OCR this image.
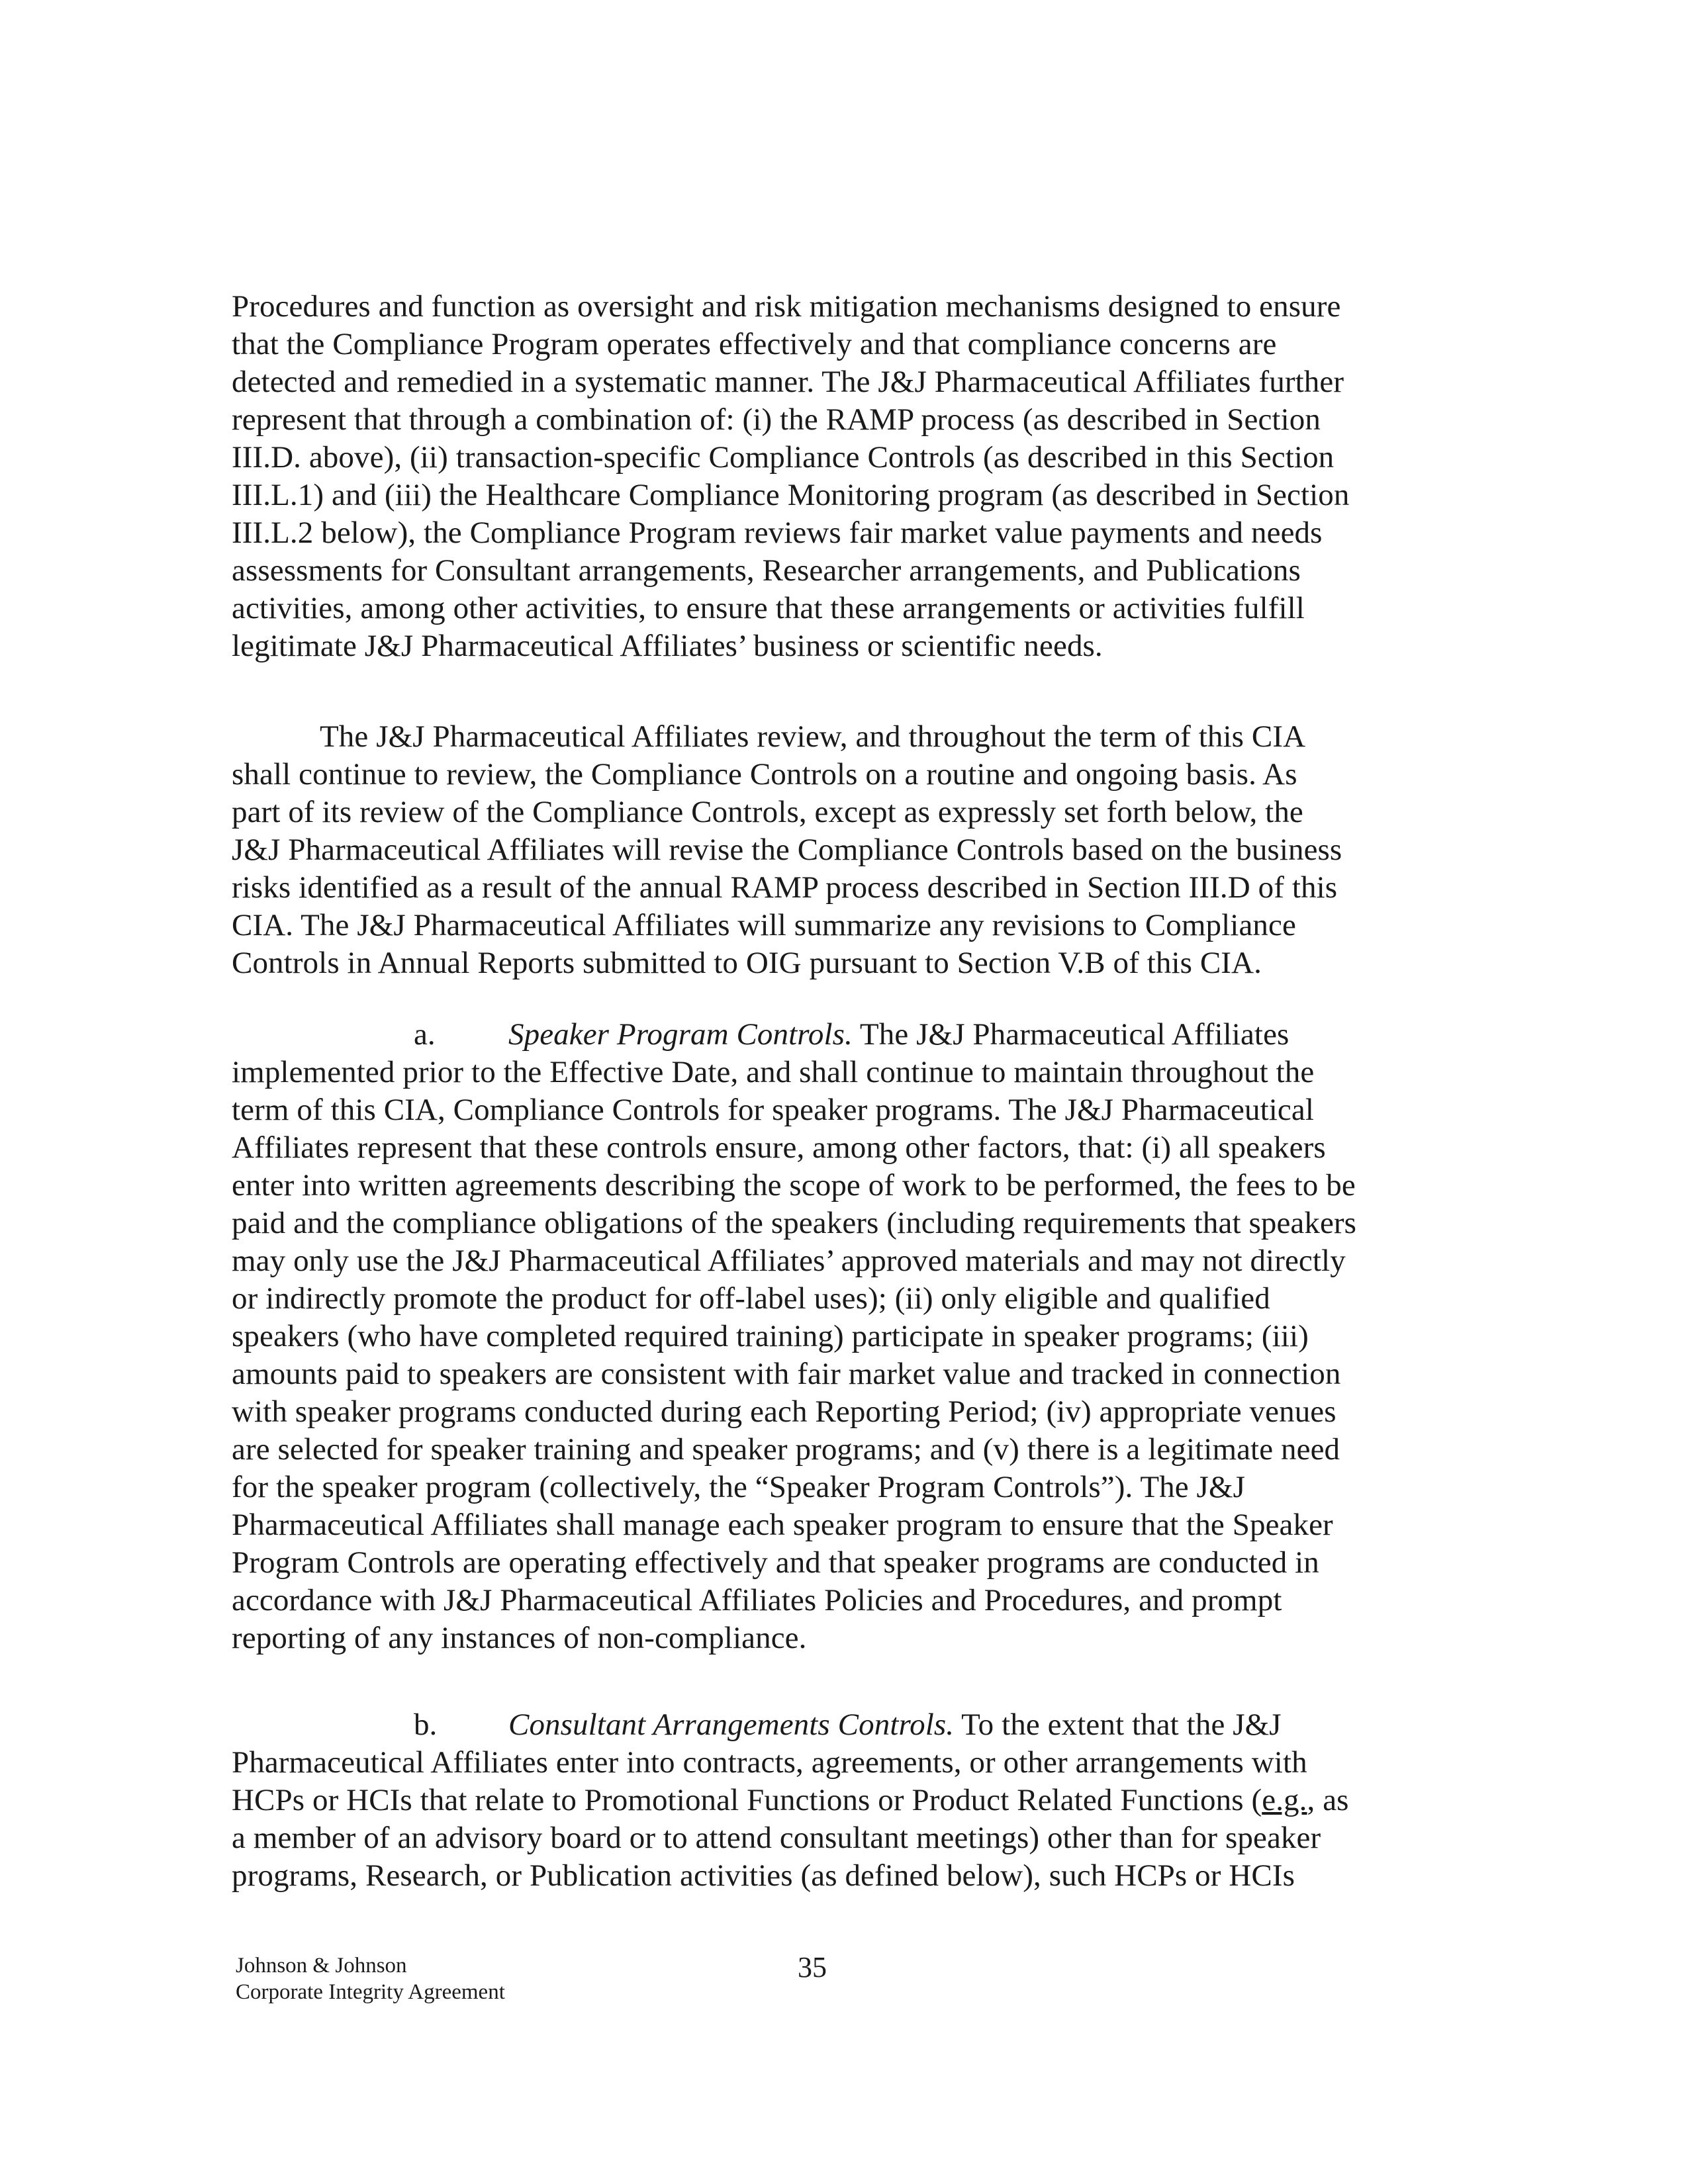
Procedures and function as oversight and risk mitigation mechanisms designed to ensure
that the Compliance Program operates effectively and that compliance concerns are
detected and remedied in a systematic manner. The J&J Pharmaceutical Affiliates further
represent that through a combination of: (i) the RAMP process (as described in Section
III.D. above), (ii) transaction-specific Compliance Controls (as described in this Section
III.L.1) and (iii) the Healthcare Compliance Monitoring program (as described in Section
III.L.2 below), the Compliance Program reviews fair market value payments and needs
assessments for Consultant arrangements, Researcher arrangements, and Publications
activities, among other activities, to ensure that these arrangements or activities fulfill
legitimate J&J Pharmaceutical Affiliates’ business or scientific needs.
The J&J Pharmaceutical Affiliates review, and throughout the term of this CIA
shall continue to review, the Compliance Controls on a routine and ongoing basis. As
part of its review of the Compliance Controls, except as expressly set forth below, the
J&J Pharmaceutical Affiliates will revise the Compliance Controls based on the business
risks identified as a result of the annual RAMP process described in Section III.D of this
CIA. The J&J Pharmaceutical Affiliates will summarize any revisions to Compliance
Controls in Annual Reports submitted to OIG pursuant to Section V.B of this CIA.
a. Speaker Program Controls. The J&J Pharmaceutical Affiliates
implemented prior to the Effective Date, and shall continue to maintain throughout the
term of this CIA, Compliance Controls for speaker programs. The J&J Pharmaceutical
Affiliates represent that these controls ensure, among other factors, that: (i) all speakers
enter into written agreements describing the scope of work to be performed, the fees to be
paid and the compliance obligations of the speakers (including requirements that speakers
may only use the J&J Pharmaceutical Affiliates’ approved materials and may not directly
or indirectly promote the product for off-label uses); (ii) only eligible and qualified
speakers (who have completed required training) participate in speaker programs; (iii)
amounts paid to speakers are consistent with fair market value and tracked in connection
with speaker programs conducted during each Reporting Period; (iv) appropriate venues
are selected for speaker training and speaker programs; and (v) there is a legitimate need
for the speaker program (collectively, the “Speaker Program Controls”). The J&J
Pharmaceutical Affiliates shall manage each speaker program to ensure that the Speaker
Program Controls are operating effectively and that speaker programs are conducted in
accordance with J&J Pharmaceutical Affiliates Policies and Procedures, and prompt
reporting of any instances of non-compliance.
b. Consultant Arrangements Controls. To the extent that the J&J
Pharmaceutical Affiliates enter into contracts, agreements, or other arrangements with
HCPs or HCIs that relate to Promotional Functions or Product Related Functions (e.g., as
a member of an advisory board or to attend consultant meetings) other than for speaker
programs, Research, or Publication activities (as defined below), such HCPs or HCIs
Johnson & Johnson
Corporate Integrity Agreement
35
